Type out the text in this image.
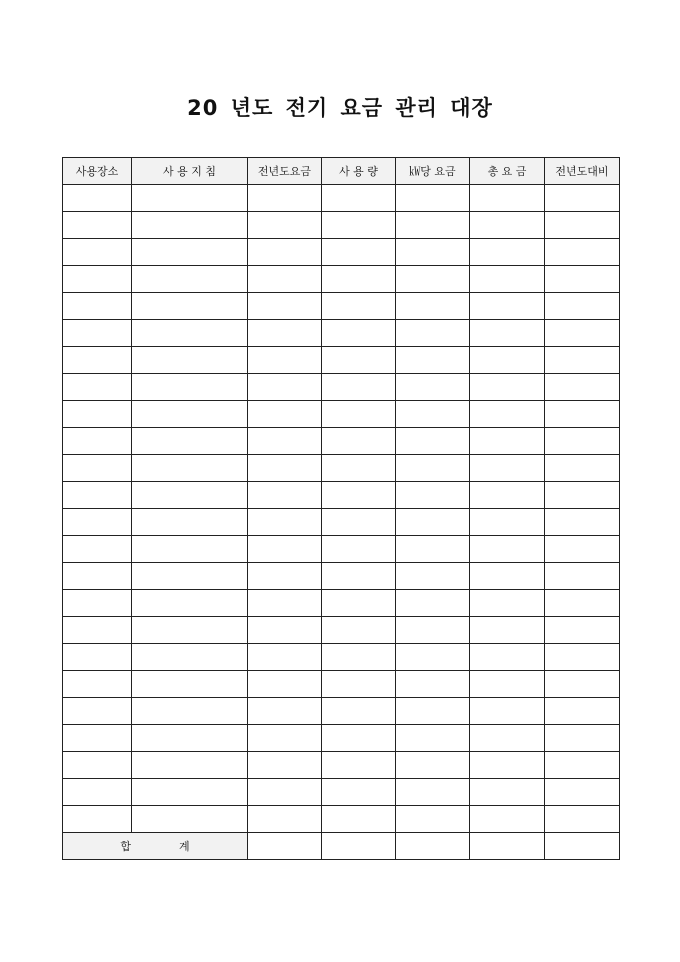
20 년도 전기 요금 관리 대장
사용장소	사 용 지 침	전년도요금	사 용 량	㎾당 요금	총 요 금	전년도대비

합 계						
